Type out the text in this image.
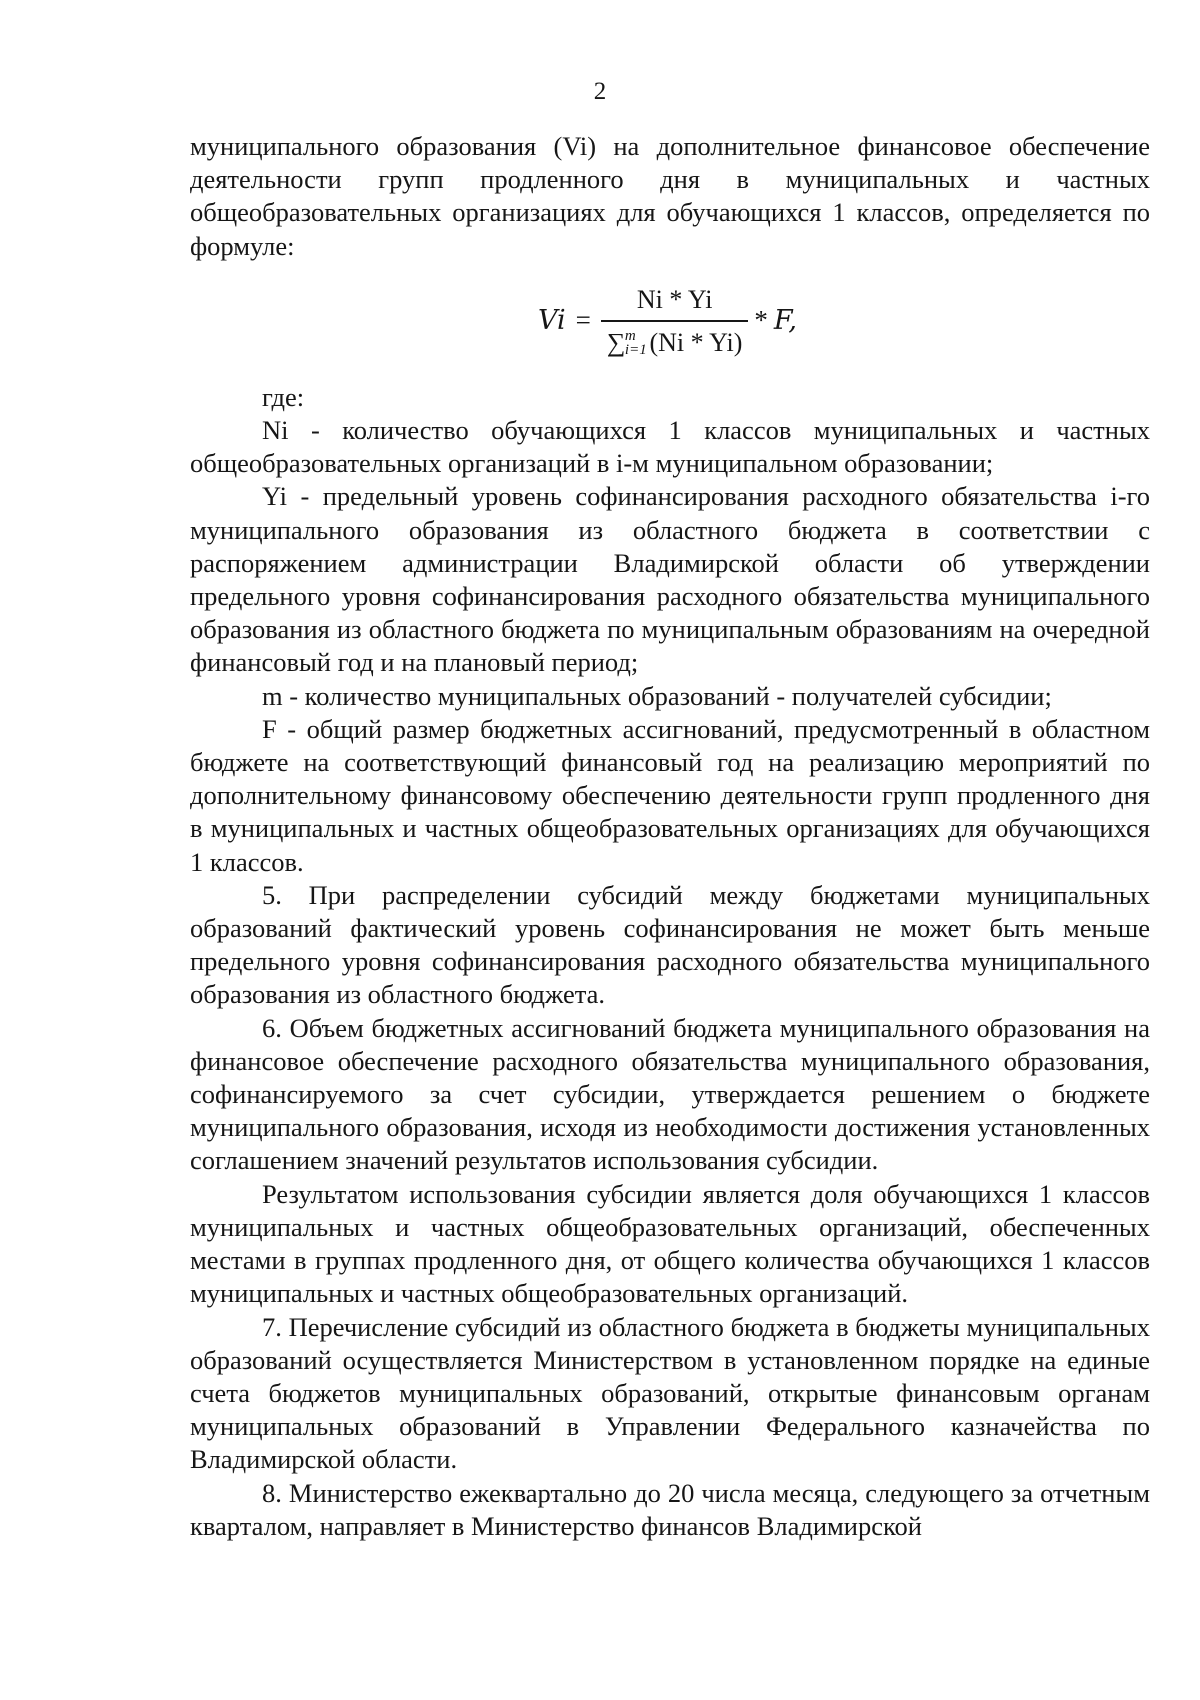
2

муниципального образования (Vi) на дополнительное финансовое обеспечение деятельности групп продленного дня в муниципальных и частных общеобразовательных организациях для обучающихся 1 классов, определяется по формуле:

Vi = Ni * Yi
∑ m
i=1 (Ni * Yi) * F,

где:

Ni - количество обучающихся 1 классов муниципальных и частных общеобразовательных организаций в i-м муниципальном образовании;

Yi - предельный уровень софинансирования расходного обязательства i-го муниципального образования из областного бюджета в соответствии с распоряжением администрации Владимирской области об утверждении предельного уровня софинансирования расходного обязательства муниципального образования из областного бюджета по муниципальным образованиям на очередной финансовый год и на плановый период;

m - количество муниципальных образований - получателей субсидии;

F - общий размер бюджетных ассигнований, предусмотренный в областном бюджете на соответствующий финансовый год на реализацию мероприятий по дополнительному финансовому обеспечению деятельности групп продленного дня в муниципальных и частных общеобразовательных организациях для обучающихся 1 классов.

5. При распределении субсидий между бюджетами муниципальных образований фактический уровень софинансирования не может быть меньше предельного уровня софинансирования расходного обязательства муниципального образования из областного бюджета.

6. Объем бюджетных ассигнований бюджета муниципального образования на финансовое обеспечение расходного обязательства муниципального образования, софинансируемого за счет субсидии, утверждается решением о бюджете муниципального образования, исходя из необходимости достижения установленных соглашением значений результатов использования субсидии.

Результатом использования субсидии является доля обучающихся 1 классов муниципальных и частных общеобразовательных организаций, обеспеченных местами в группах продленного дня, от общего количества обучающихся 1 классов муниципальных и частных общеобразовательных организаций.

7. Перечисление субсидий из областного бюджета в бюджеты муниципальных образований осуществляется Министерством в установленном порядке на единые счета бюджетов муниципальных образований, открытые финансовым органам муниципальных образований в Управлении Федерального казначейства по Владимирской области.

8. Министерство ежеквартально до 20 числа месяца, следующего за отчетным кварталом, направляет в Министерство финансов Владимирской
